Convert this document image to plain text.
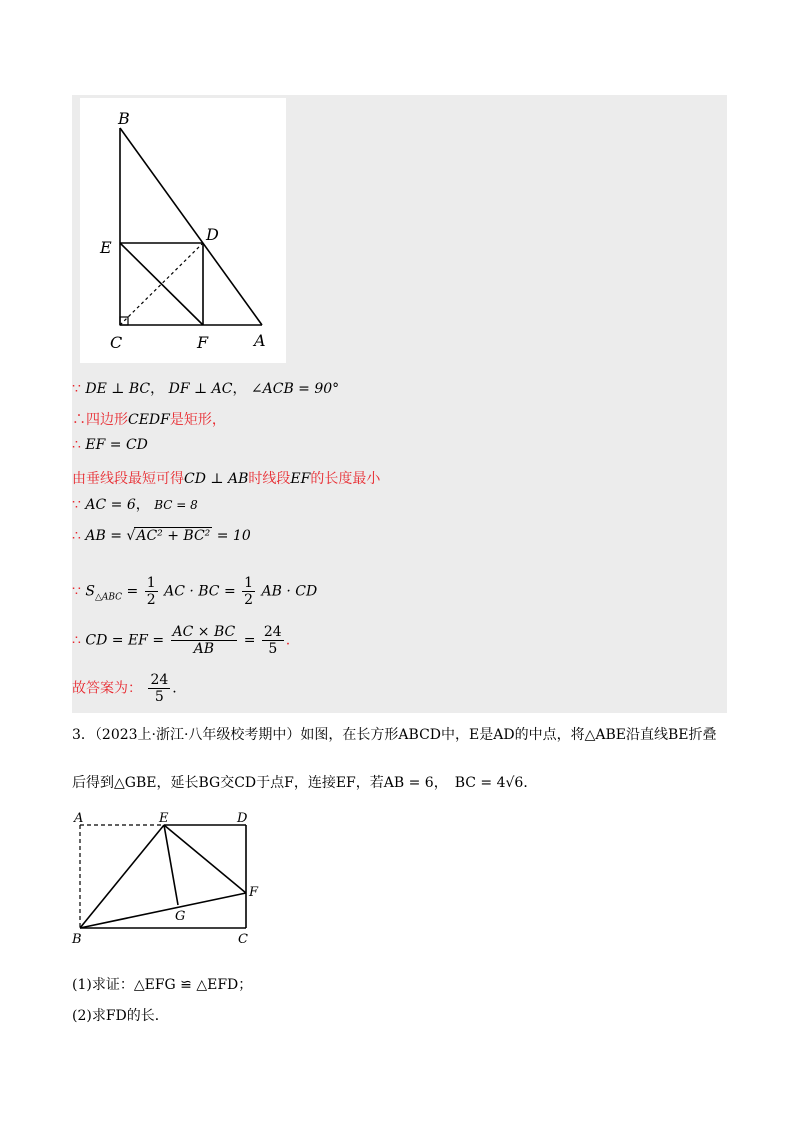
B
D
E
C	F	A
∵ DE ⊥ BC， DF ⊥ AC， ∠ACB = 90°
∴四边形CEDF是矩形，
∴ EF = CD
由垂线段最短可得CD ⊥ AB时线段EF的长度最小
∵ AC = 6， BC = 8
∴ AB = √AC² + BC² = 10
∵ $S_{\triangle ABC} = \frac{1}{2}$ AC · BC = $\frac{1}{2}$ AB · CD
∴ CD = EF = $\frac{AC \times BC}{AB} = \frac{24}{5}$ .
故答案为： $\frac{24}{5}$ .
3．（2023上·浙江·八年级校考期中）如图，在长方形ABCD中，E是AD的中点，将△ABE沿直线BE折叠
后得到△GBE，延长BG交CD于点F，连接EF，若AB = 6，　BC = 4√6．
A	E	D
F
G
B	C
(1)求证：△EFG ≌ △EFD；
(2)求FD的长．
